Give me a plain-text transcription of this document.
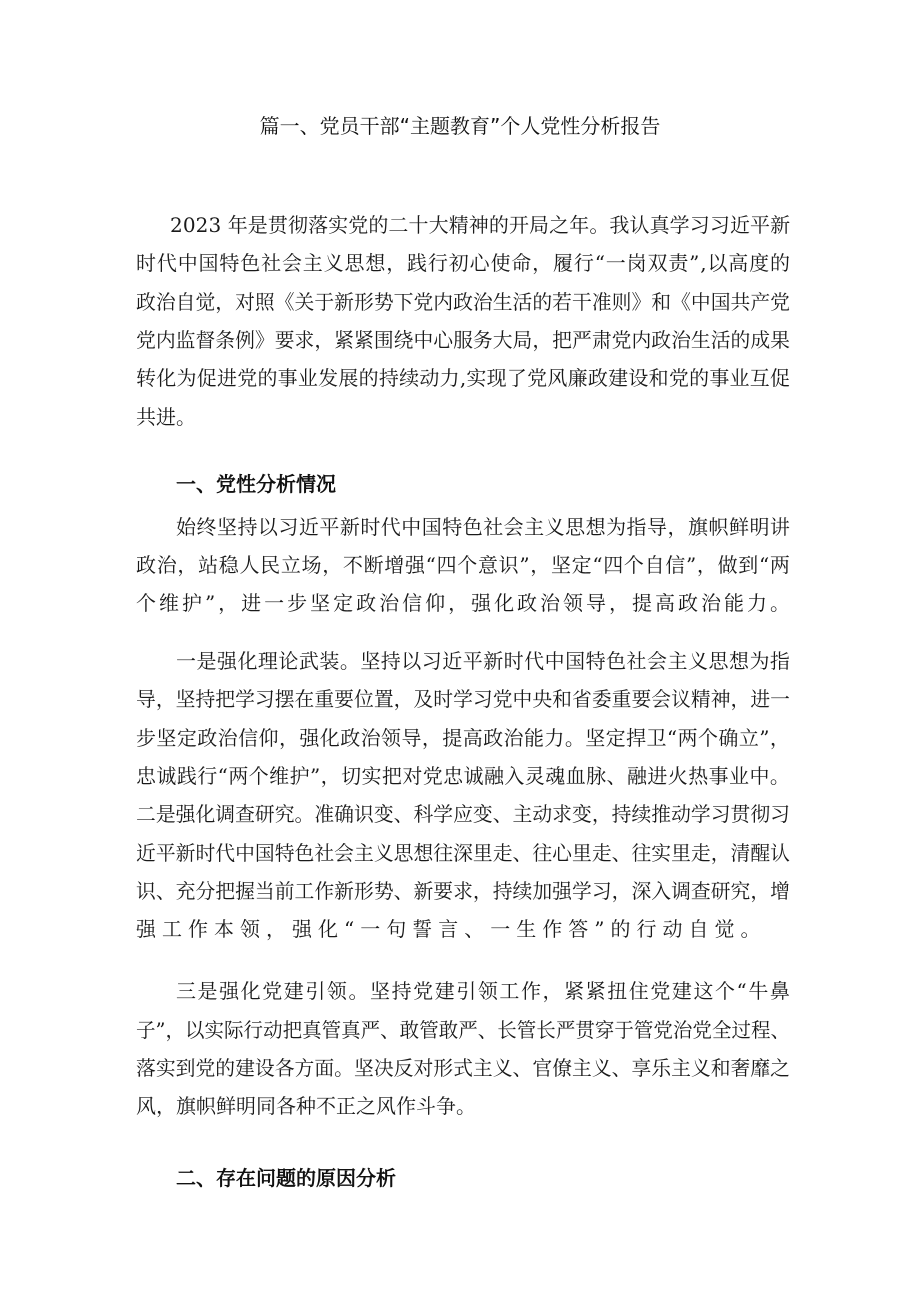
篇一、党员干部“主题教育”个人党性分析报告

2023 年是贯彻落实党的二十大精神的开局之年。我认真学习习近平新

时代中国特色社会主义思想，践行初心使命，履行“一岗双责”,以高度的

政治自觉，对照《关于新形势下党内政治生活的若干准则》和《中国共产党

党内监督条例》要求，紧紧围绕中心服务大局，把严肃党内政治生活的成果

转化为促进党的事业发展的持续动力,实现了党风廉政建设和党的事业互促

共进。

一、党性分析情况

始终坚持以习近平新时代中国特色社会主义思想为指导，旗帜鲜明讲

政治，站稳人民立场，不断增强“四个意识”，坚定“四个自信”，做到“两

个维护”，进一步坚定政治信仰，强化政治领导，提高政治能力。

一是强化理论武装。坚持以习近平新时代中国特色社会主义思想为指

导，坚持把学习摆在重要位置，及时学习党中央和省委重要会议精神，进一

步坚定政治信仰，强化政治领导，提高政治能力。坚定捍卫“两个确立”，

忠诚践行“两个维护”，切实把对党忠诚融入灵魂血脉、融进火热事业中。

二是强化调查研究。准确识变、科学应变、主动求变，持续推动学习贯彻习

近平新时代中国特色社会主义思想往深里走、往心里走、往实里走，清醒认

识、充分把握当前工作新形势、新要求，持续加强学习，深入调查研究，增

强工作本领，强化“一句誓言、一生作答”的行动自觉。

三是强化党建引领。坚持党建引领工作，紧紧扭住党建这个“牛鼻

子”，以实际行动把真管真严、敢管敢严、长管长严贯穿于管党治党全过程、

落实到党的建设各方面。坚决反对形式主义、官僚主义、享乐主义和奢靡之

风，旗帜鲜明同各种不正之风作斗争。

二、存在问题的原因分析
